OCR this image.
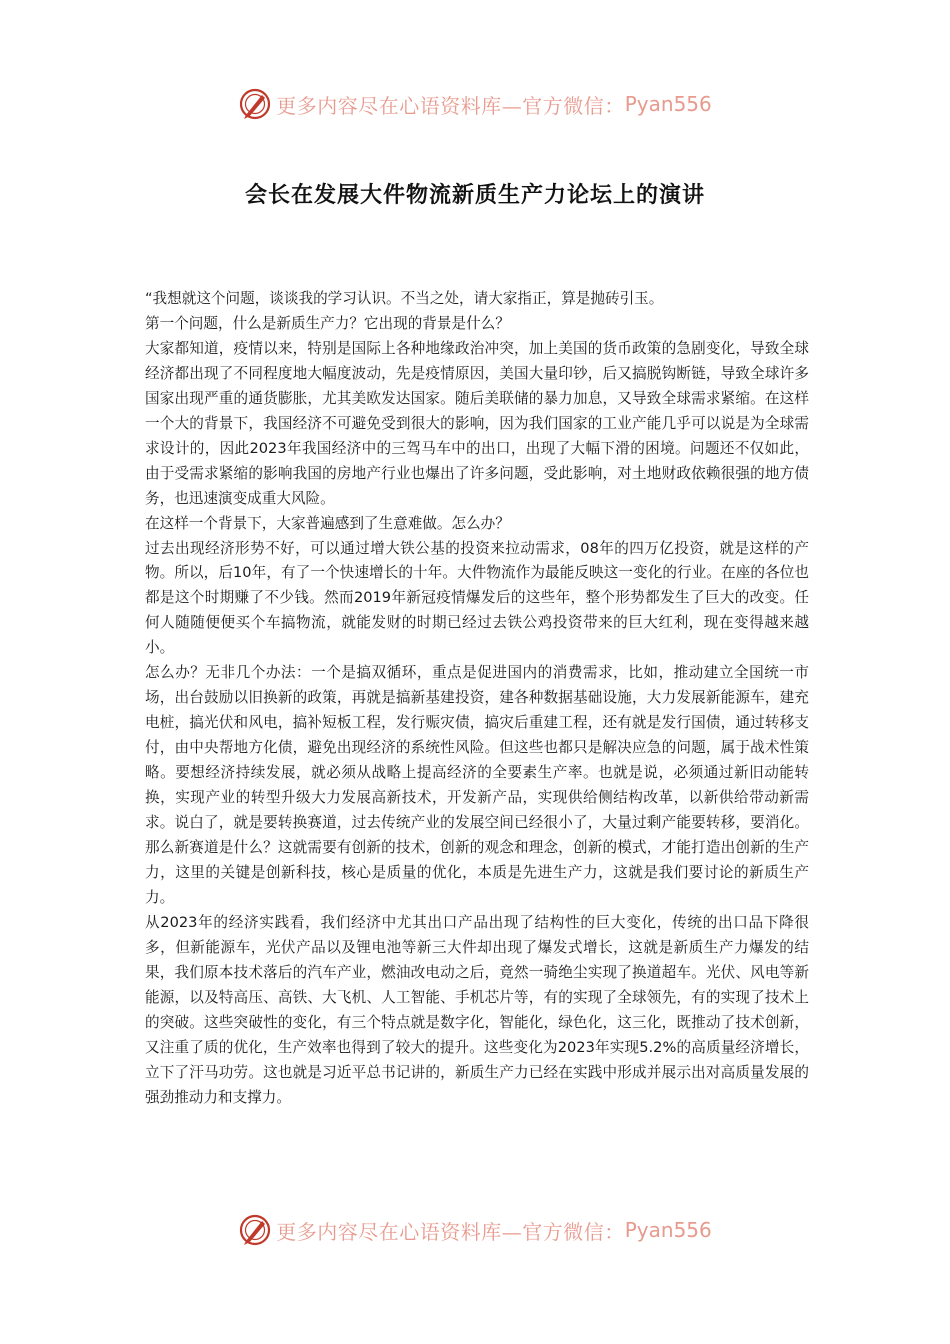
更多内容尽在心语资料库—官方微信： Pyan556
会长在发展大件物流新质生产力论坛上的演讲

“我想就这个问题，谈谈我的学习认识。不当之处，请大家指正，算是抛砖引玉。

第一个问题，什么是新质生产力？它出现的背景是什么？

大家都知道，疫情以来，特别是国际上各种地缘政治冲突，加上美国的货币政策的急剧变化，导致全球经济都出现了不同程度地大幅度波动，先是疫情原因，美国大量印钞，后又搞脱钩断链，导致全球许多国家出现严重的通货膨胀，尤其美欧发达国家。随后美联储的暴力加息，又导致全球需求紧缩。在这样一个大的背景下，我国经济不可避免受到很大的影响，因为我们国家的工业产能几乎可以说是为全球需求设计的，因此2023年我国经济中的三驾马车中的出口，出现了大幅下滑的困境。问题还不仅如此，由于受需求紧缩的影响我国的房地产行业也爆出了许多问题，受此影响，对土地财政依赖很强的地方债务，也迅速演变成重大风险。

在这样一个背景下，大家普遍感到了生意难做。怎么办？

过去出现经济形势不好，可以通过增大铁公基的投资来拉动需求，08年的四万亿投资，就是这样的产物。所以，后10年，有了一个快速增长的十年。大件物流作为最能反映这一变化的行业。在座的各位也都是这个时期赚了不少钱。然而2019年新冠疫情爆发后的这些年，整个形势都发生了巨大的改变。任何人随随便便买个车搞物流，就能发财的时期已经过去铁公鸡投资带来的巨大红利，现在变得越来越小。

怎么办？无非几个办法：一个是搞双循环，重点是促进国内的消费需求，比如，推动建立全国统一市场，出台鼓励以旧换新的政策，再就是搞新基建投资，建各种数据基础设施，大力发展新能源车，建充电桩，搞光伏和风电，搞补短板工程，发行赈灾债，搞灾后重建工程，还有就是发行国债，通过转移支付，由中央帮地方化债，避免出现经济的系统性风险。但这些也都只是解决应急的问题，属于战术性策略。要想经济持续发展，就必须从战略上提高经济的全要素生产率。也就是说，必须通过新旧动能转换，实现产业的转型升级大力发展高新技术，开发新产品，实现供给侧结构改革，以新供给带动新需求。说白了，就是要转换赛道，过去传统产业的发展空间已经很小了，大量过剩产能要转移，要消化。那么新赛道是什么？这就需要有创新的技术，创新的观念和理念，创新的模式，才能打造出创新的生产力，这里的关键是创新科技，核心是质量的优化，本质是先进生产力，这就是我们要讨论的新质生产力。

从2023年的经济实践看，我们经济中尤其出口产品出现了结构性的巨大变化，传统的出口品下降很多，但新能源车，光伏产品以及锂电池等新三大件却出现了爆发式增长，这就是新质生产力爆发的结果，我们原本技术落后的汽车产业，燃油改电动之后，竟然一骑绝尘实现了换道超车。光伏、风电等新能源，以及特高压、高铁、大飞机、人工智能、手机芯片等，有的实现了全球领先，有的实现了技术上的突破。这些突破性的变化，有三个特点就是数字化，智能化，绿色化，这三化，既推动了技术创新，又注重了质的优化，生产效率也得到了较大的提升。这些变化为2023年实现5.2%的高质量经济增长，立下了汗马功劳。这也就是习近平总书记讲的，新质生产力已经在实践中形成并展示出对高质量发展的强劲推动力和支撑力。

更多内容尽在心语资料库—官方微信： Pyan556
